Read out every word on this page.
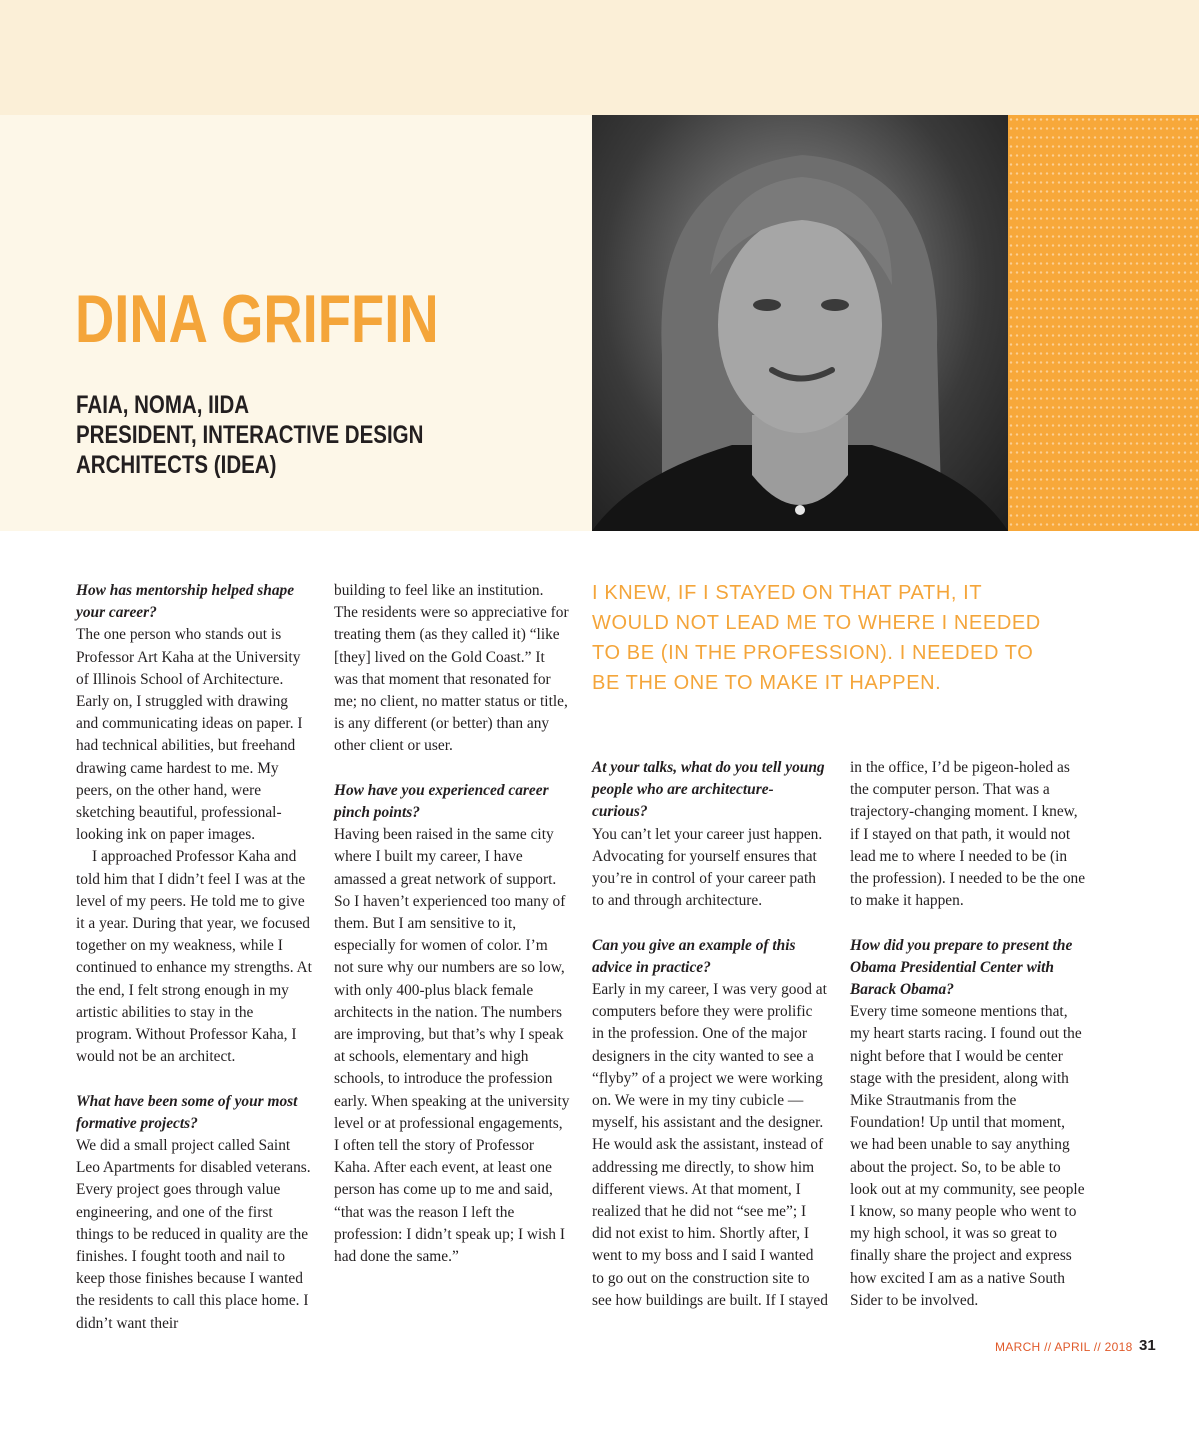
DINA GRIFFIN
FAIA, NOMA, IIDA
PRESIDENT, INTERACTIVE DESIGN
ARCHITECTS (IDEA)

How has mentorship helped shape your career?

The one person who stands out is Professor Art Kaha at the University of Illinois School of Architecture. Early on, I struggled with drawing and communicating ideas on paper. I had technical abilities, but freehand drawing came hardest to me. My peers, on the other hand, were sketching beautiful, professional-looking ink on paper images.

I approached Professor Kaha and told him that I didn’t feel I was at the level of my peers. He told me to give it a year. During that year, we focused together on my weakness, while I continued to enhance my strengths. At the end, I felt strong enough in my artistic abilities to stay in the program. Without Professor Kaha, I would not be an architect.

What have been some of your most formative projects?

We did a small project called Saint Leo Apartments for disabled veterans. Every project goes through value engineering, and one of the first things to be reduced in quality are the finishes. I fought tooth and nail to keep those finishes because I wanted the residents to call this place home. I didn’t want their

building to feel like an institution. The residents were so appreciative for treating them (as they called it) “like [they] lived on the Gold Coast.” It was that moment that resonated for me; no client, no matter status or title, is any different (or better) than any other client or user.

How have you experienced career pinch points?

Having been raised in the same city where I built my career, I have amassed a great network of support. So I haven’t experienced too many of them. But I am sensitive to it, especially for women of color. I’m not sure why our numbers are so low, with only 400-plus black female architects in the nation. The numbers are improving, but that’s why I speak at schools, elementary and high schools, to introduce the profession early. When speaking at the university level or at professional engagements, I often tell the story of Professor Kaha. After each event, at least one person has come up to me and said, “that was the reason I left the profession: I didn’t speak up; I wish I had done the same.”

I KNEW, IF I STAYED ON THAT PATH, IT WOULD NOT LEAD ME TO WHERE I NEEDED TO BE (IN THE PROFESSION). I NEEDED TO BE THE ONE TO MAKE IT HAPPEN.

At your talks, what do you tell young people who are architecture-curious?

You can’t let your career just happen. Advocating for yourself ensures that you’re in control of your career path to and through architecture.

Can you give an example of this advice in practice?

Early in my career, I was very good at computers before they were prolific in the profession. One of the major designers in the city wanted to see a “flyby” of a project we were working on. We were in my tiny cubicle — myself, his assistant and the designer. He would ask the assistant, instead of addressing me directly, to show him different views. At that moment, I realized that he did not “see me”; I did not exist to him. Shortly after, I went to my boss and I said I wanted to go out on the construction site to see how buildings are built. If I stayed

in the office, I’d be pigeon-holed as the computer person. That was a trajectory-changing moment. I knew, if I stayed on that path, it would not lead me to where I needed to be (in the profession). I needed to be the one to make it happen.

How did you prepare to present the Obama Presidential Center with Barack Obama?

Every time someone mentions that, my heart starts racing. I found out the night before that I would be center stage with the president, along with Mike Strautmanis from the Foundation! Up until that moment, we had been unable to say anything about the project. So, to be able to look out at my community, see people I know, so many people who went to my high school, it was so great to finally share the project and express how excited I am as a native South Sider to be involved.

MARCH // APRIL // 2018 31
